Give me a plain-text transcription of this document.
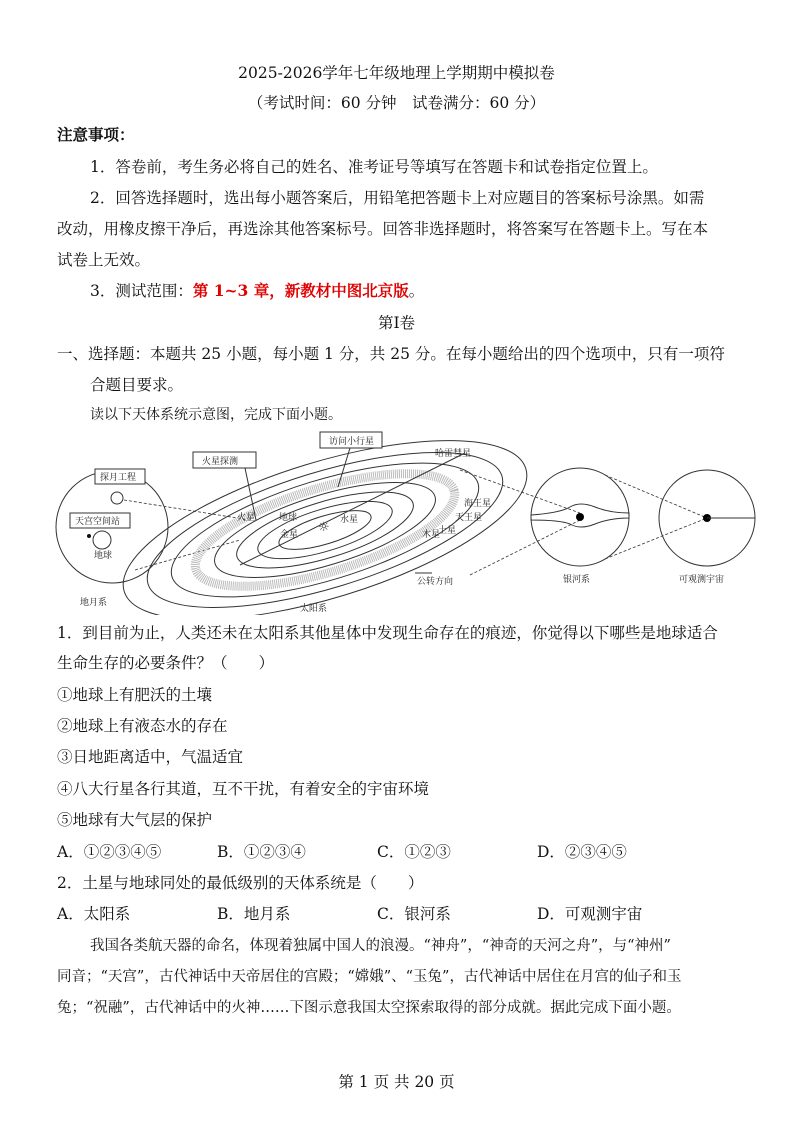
2025-2026学年七年级地理上学期期中模拟卷
（考试时间：60 分钟　试卷满分：60 分）
注意事项：
1．答卷前，考生务必将自己的姓名、准考证号等填写在答题卡和试卷指定位置上。
2．回答选择题时，选出每小题答案后，用铅笔把答题卡上对应题目的答案标号涂黑。如需
改动，用橡皮擦干净后，再选涂其他答案标号。回答非选择题时，将答案写在答题卡上。写在本
试卷上无效。
3．测试范围：第 1~3 章，新教材中图北京版。
第I卷
一、选择题：本题共 25 小题，每小题 1 分，共 25 分。在每小题给出的四个选项中，只有一项符
合题目要求。
读以下天体系统示意图，完成下面小题。
探月工程
天宫空间站
地球
地月系
☼
火星探测
访问小行星
哈雷彗星
火星	地球
金星
水星
木星
土星
天王星
海王星
公转方向
太阳系
银河系	可观测宇宙
1．到目前为止，人类还未在太阳系其他星体中发现生命存在的痕迹，你觉得以下哪些是地球适合
生命生存的必要条件？（　　）
①地球上有肥沃的土壤
②地球上有液态水的存在
③日地距离适中，气温适宜
④八大行星各行其道，互不干扰，有着安全的宇宙环境
⑤地球有大气层的保护
A．①②③④⑤	B．①②③④	C．①②③	D．②③④⑤
2．土星与地球同处的最低级别的天体系统是（　　）
A．太阳系	B．地月系	C．银河系	D．可观测宇宙
我国各类航天器的命名，体现着独属中国人的浪漫。“神舟”，“神奇的天河之舟”，与“神州”
同音；“天宫”，古代神话中天帝居住的宫殿；“嫦娥”、“玉兔”，古代神话中居住在月宫的仙子和玉
兔；“祝融”，古代神话中的火神……下图示意我国太空探索取得的部分成就。据此完成下面小题。
第 1 页 共 20 页
